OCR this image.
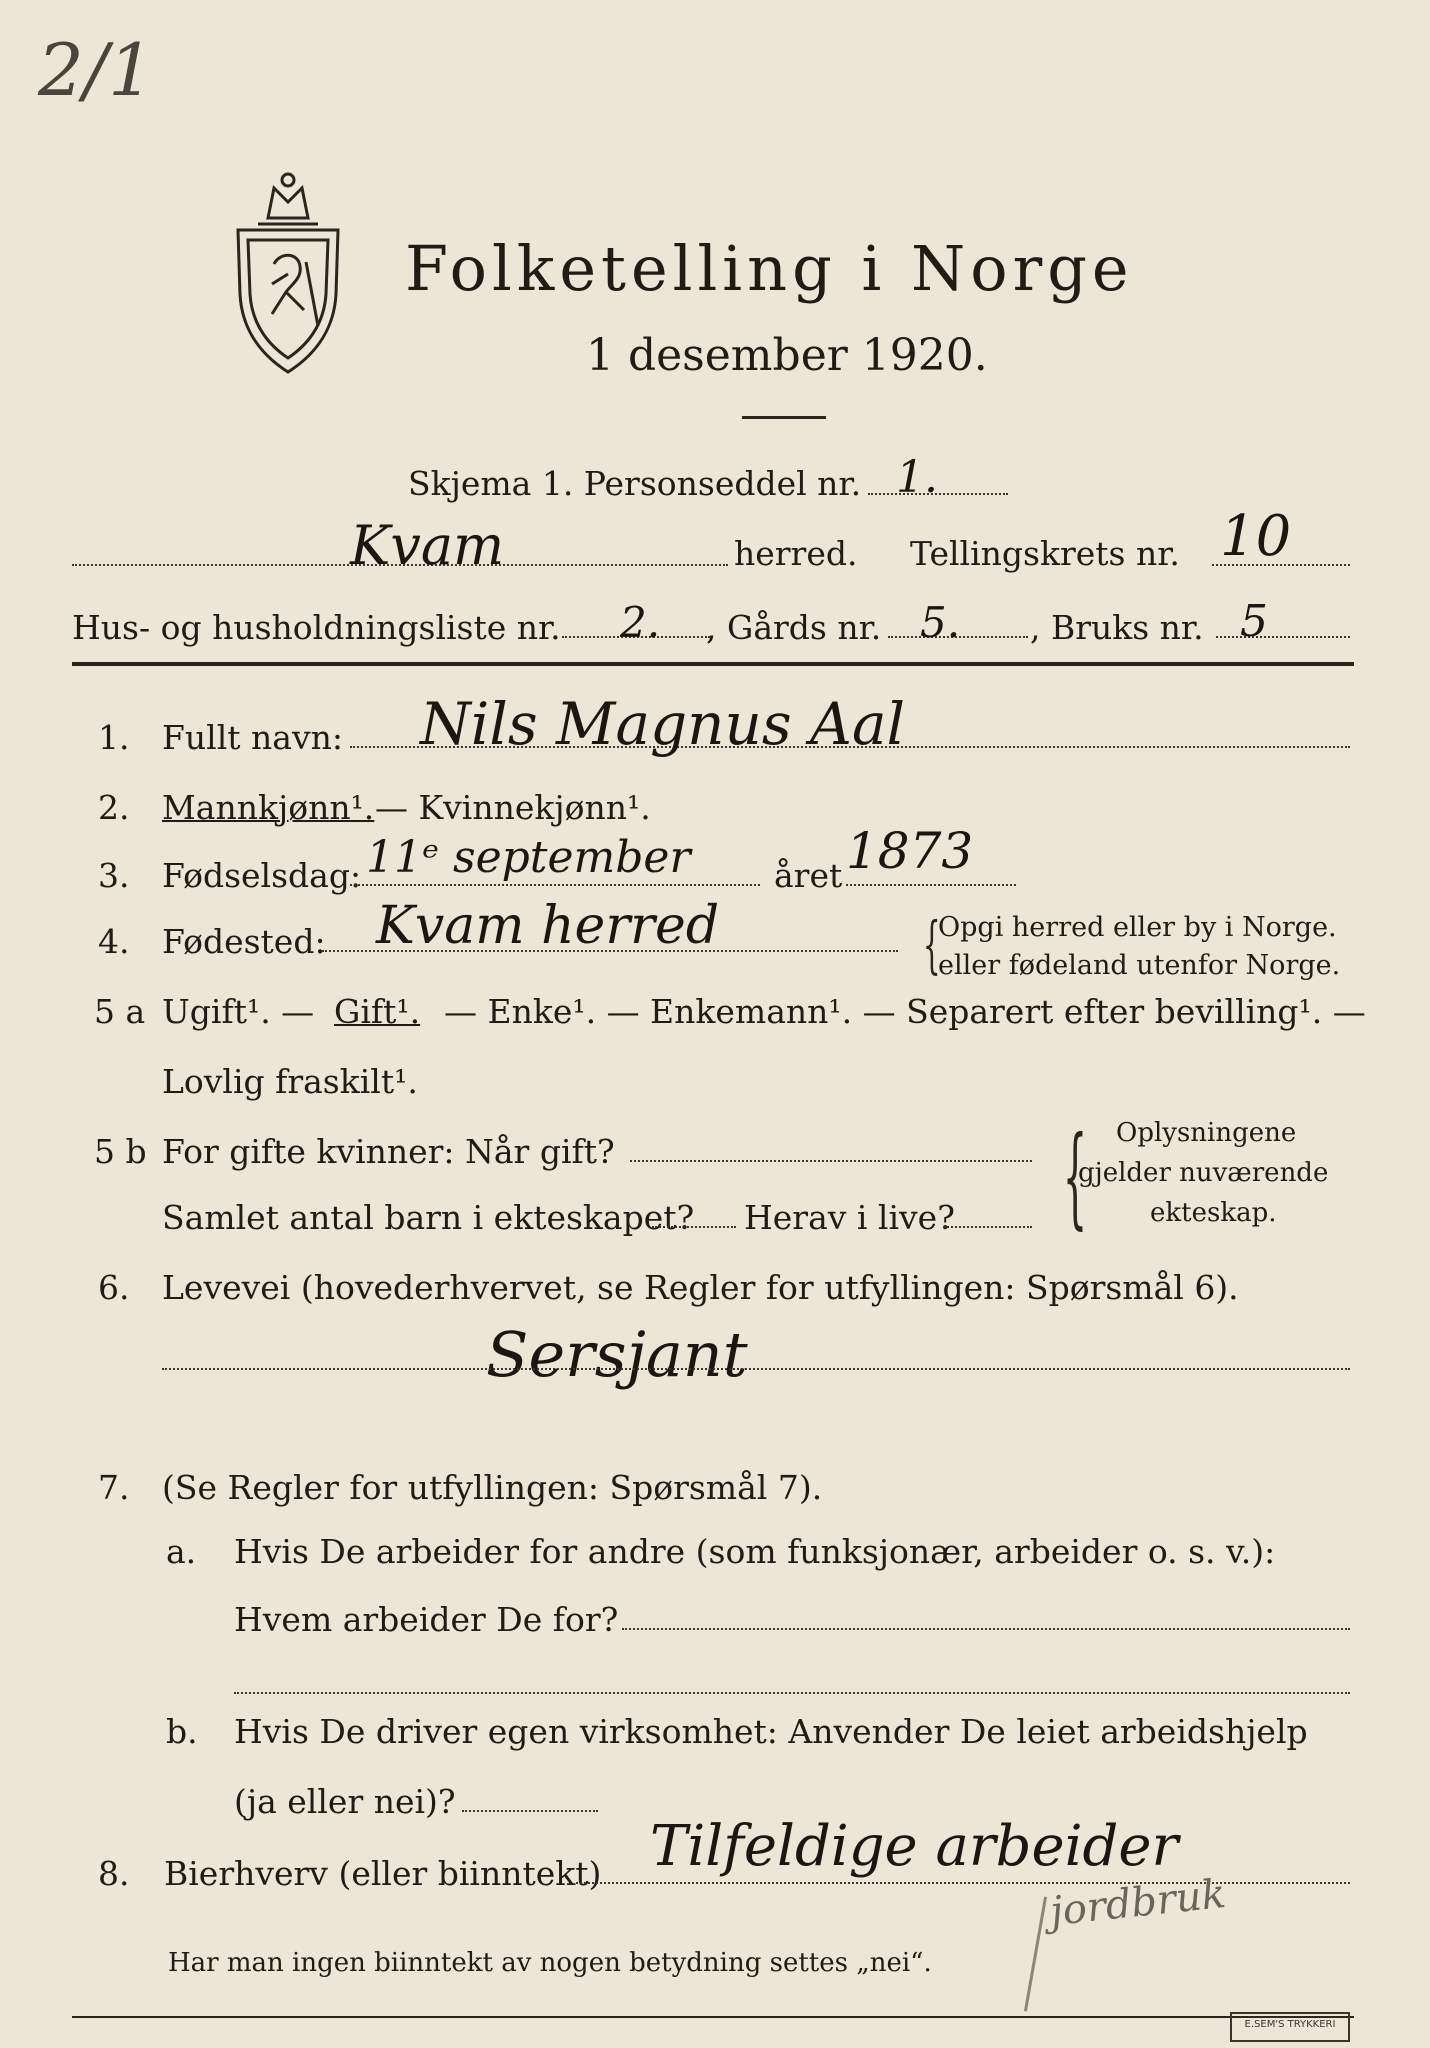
2/1
Folketelling i Norge
1 desember 1920.
Skjema 1. Personseddel nr. 1.
Kvam	herred. Tellingskrets nr. 10
Hus- og husholdningsliste nr. 2. , Gårds nr. 5. , Bruks nr. 5
1. Fullt navn: Nils Magnus Aal
2. Mannkjønn¹. — Kvinnekjønn¹.
3. Fødselsdag: 11ᵉ september	året 1873
4. Fødested: Kvam herred	{
Opgi herred eller by i Norge.
eller fødeland utenfor Norge.
5 a Ugift¹. — Gift¹. — Enke¹. — Enkemann¹. — Separert efter bevilling¹. —
Lovlig fraskilt¹.
5 b For gifte kvinner: Når gift?
Samlet antal barn i ekteskapet? Herav i live? { Oplysningene
gjelder nuværende
ekteskap.
6. Levevei (hovederhvervet, se Regler for utfyllingen: Spørsmål 6).
Sersjant
7. (Se Regler for utfyllingen: Spørsmål 7).
a. Hvis De arbeider for andre (som funksjonær, arbeider o. s. v.):
Hvem arbeider De for?
b. Hvis De driver egen virksomhet: Anvender De leiet arbeidshjelp
(ja eller nei)?
8. Bierhverv (eller biinntekt) Tilfeldige arbeider
jordbruk
Har man ingen biinntekt av nogen betydning settes „nei“.
E.SEM'S TRYKKERI
